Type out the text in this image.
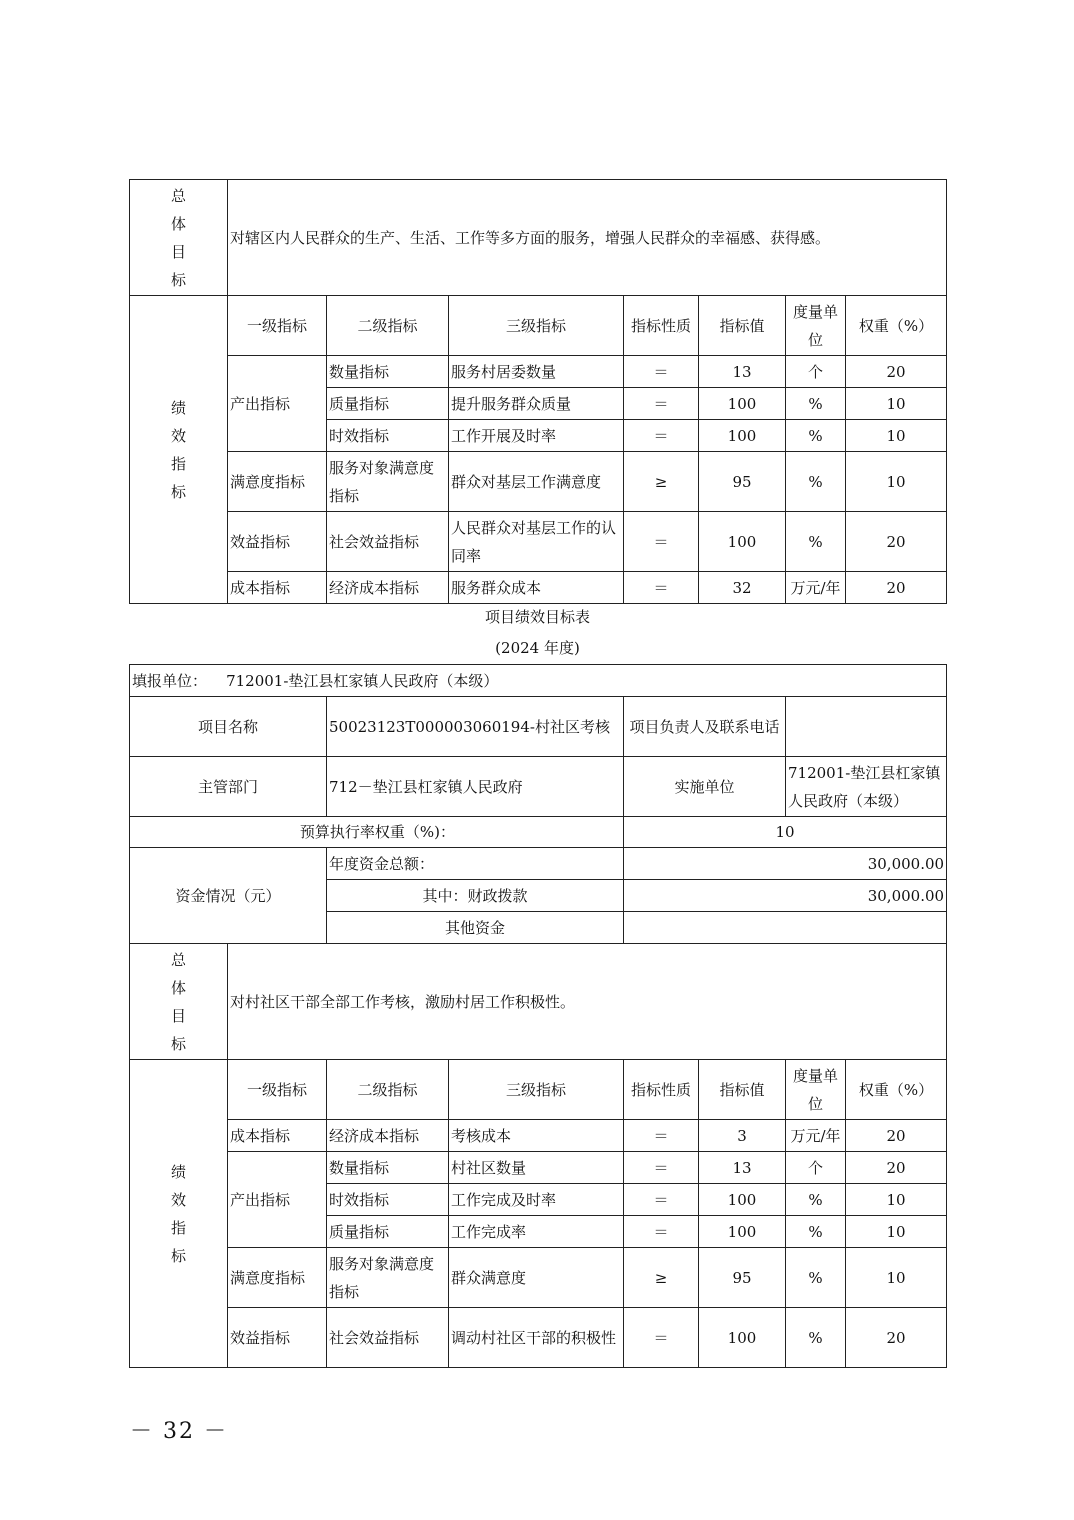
总
体
目
标	对辖区内人民群众的生产、生活、工作等多方面的服务，增强人民群众的幸福感、获得感。						

绩
效
指
标	一级指标	二级指标	三级指标	指标性质	指标值	度量单位	权重（%）
	产出指标	数量指标	服务村居委数量	＝	13	个	20
		质量指标	提升服务群众质量	＝	100	%	10
		时效指标	工作开展及时率	＝	100	%	10
	满意度指标	服务对象满意度指标	群众对基层工作满意度	≥	95	%	10
	效益指标	社会效益指标	人民群众对基层工作的认同率	＝	100	%	20
	成本指标	经济成本指标	服务群众成本	＝	32	万元/年	20
项目绩效目标表
(2024 年度)
填报单位： 712001-垫江县杠家镇人民政府（本级）							
项目名称		50023123T000003060194-村社区考核		项目负责人及联系电话			
主管部门		712－垫江县杠家镇人民政府		实施单位		712001-垫江县杠家镇人民政府（本级）	
预算执行率权重（%)：				10			
资金情况（元）		年度资金总额：		30,000.00			
		其中：财政拨款		30,000.00			
		其他资金					

总
体
目
标	对村社区干部全部工作考核，激励村居工作积极性。						

绩
效
指
标	一级指标	二级指标	三级指标	指标性质	指标值	度量单位	权重（%）
	成本指标	经济成本指标	考核成本	＝	3	万元/年	20
	产出指标	数量指标	村社区数量	＝	13	个	20
		时效指标	工作完成及时率	＝	100	%	10
		质量指标	工作完成率	＝	100	%	10
	满意度指标	服务对象满意度指标	群众满意度	≥	95	%	10
	效益指标	社会效益指标	调动村社区干部的积极性	＝	100	%	20
－ 32 －
